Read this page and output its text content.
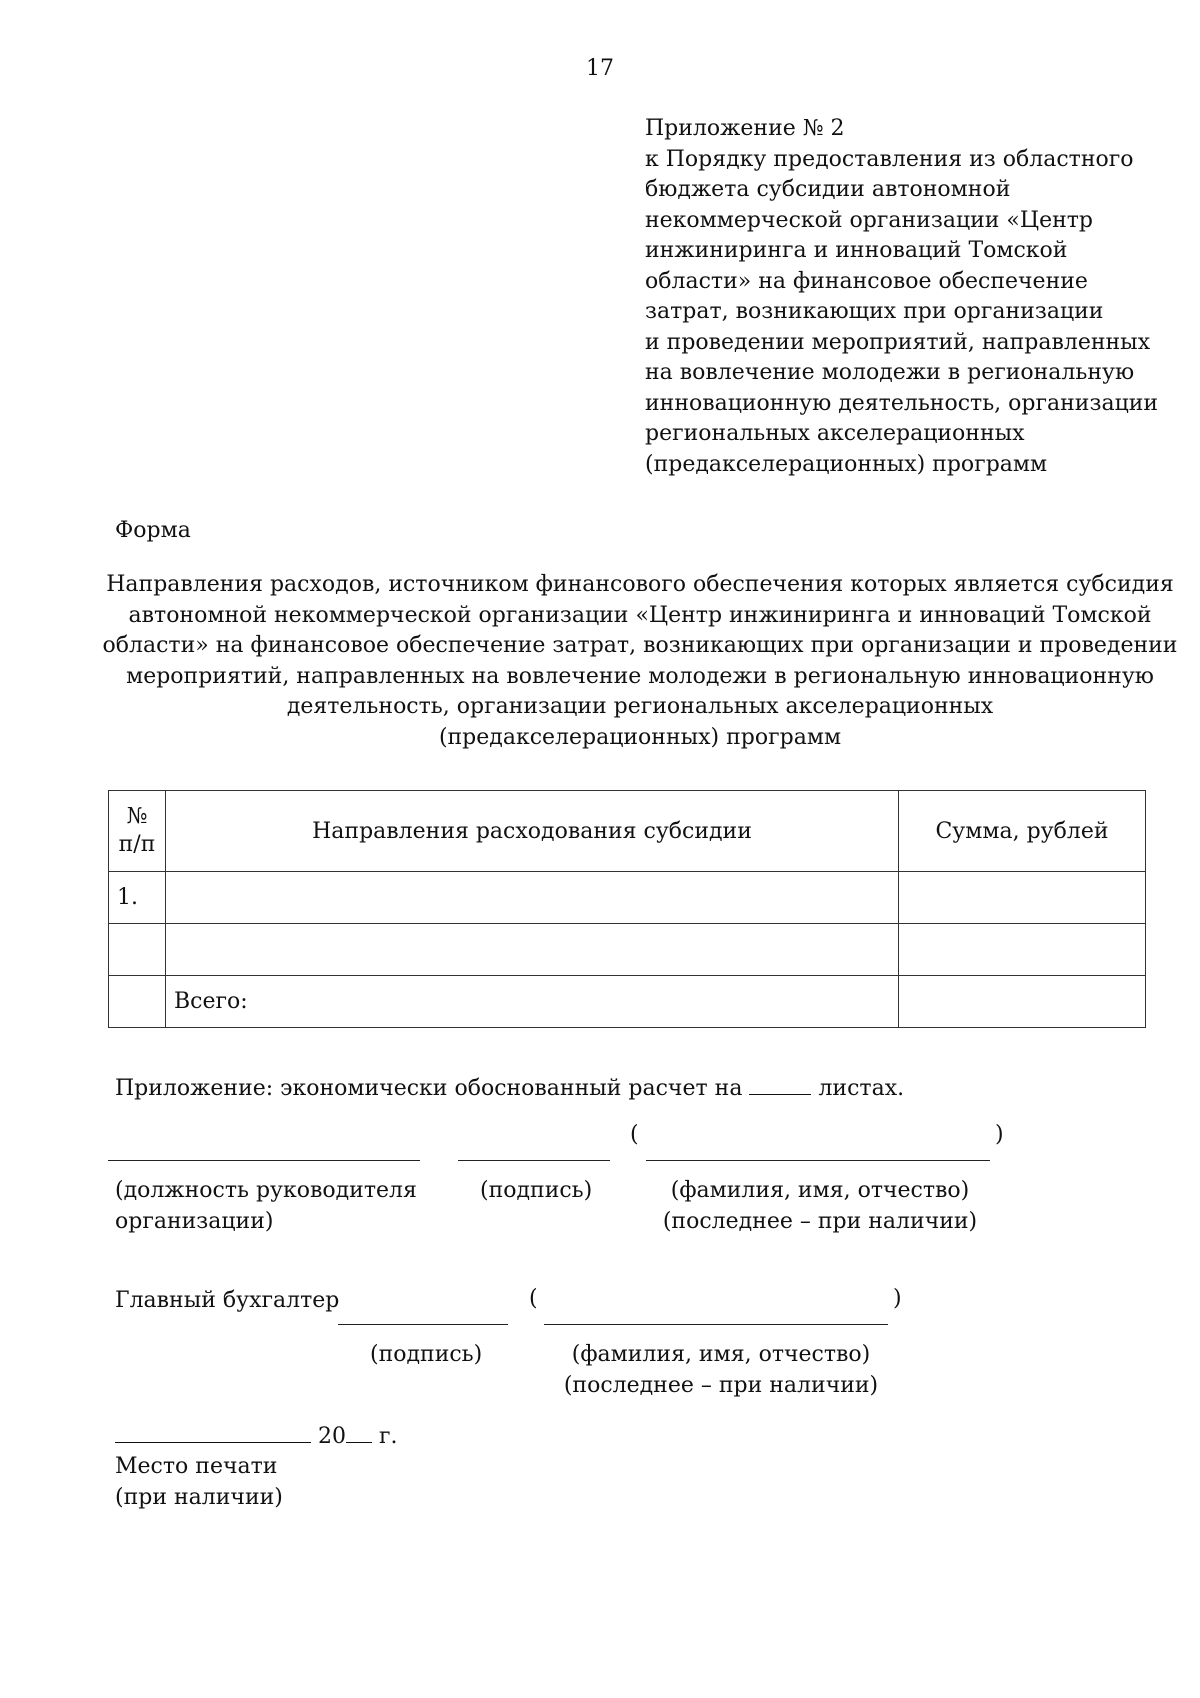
17
Приложение № 2
к Порядку предоставления из областного
бюджета субсидии автономной
некоммерческой организации «Центр
инжиниринга и инноваций Томской
области» на финансовое обеспечение
затрат, возникающих при организации
и проведении мероприятий, направленных
на вовлечение молодежи в региональную
инновационную деятельность, организации
региональных акселерационных
(предакселерационных) программ
Форма
Направления расходов, источником финансового обеспечения которых является субсидия
автономной некоммерческой организации «Центр инжиниринга и инноваций Томской
области» на финансовое обеспечение затрат, возникающих при организации и проведении
мероприятий, направленных на вовлечение молодежи в региональную инновационную
деятельность, организации региональных акселерационных
(предакселерационных) программ
№
п/п	Направления расходования субсидии	Сумма, рублей
1.		

	Всего:	
Приложение: экономически обоснованный расчет на	листах.
(	)
(должность руководителя
организации)
(подпись)	(фамилия, имя, отчество)
(последнее – при наличии)
Главный бухгалтер	(	)
(подпись)	(фамилия, имя, отчество)
(последнее – при наличии)
20 г.
Место печати
(при наличии)
